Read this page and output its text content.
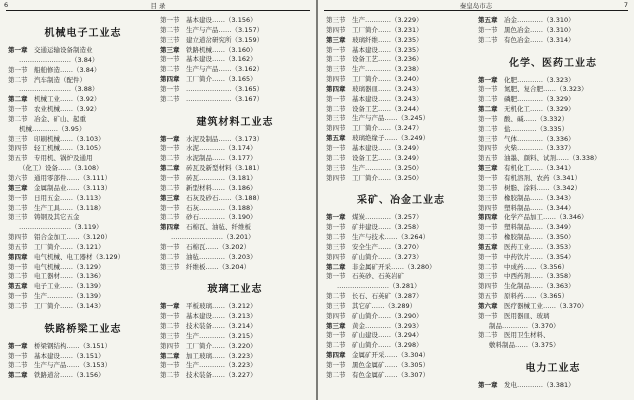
6	目 录
机械电子工业志
第一章 交通运输设备制造业
……………………（3.84）
第一节 船舶修造……（3.84）
第二节 汽车制造（配件）
……………………（3.88）
第二章 机械工业……（3.92）
第一节 农业机械……（3.92）
第二节 冶金、矿山、起重
机械…………（3.95）
第三节 印刷机械……（3.103）
第四节 轻工机械……（3.105）
第五节 专用机、锅炉及通用
（化工）设备……（3.108）
第六节 通用零部件……（3.111）
第三章 金属制品业……（3.113）
第一节 日用五金……（3.113）
第二节 生产工具……（3.118）
第三节 铸钢及其它五金
……………………（3.119）
第四节 铝合金加工……（3.120）
第五节 工厂简介……（3.121）
第四章 电气机械、电工器材（3.129）
第一节 电气机械……（3.129）
第二节 电工器材……（3.136）
第五章 电子工业……（3.139）
第一节 生产…………（3.139）
第二节 工厂简介……（3.143）
铁路桥梁工业志
第一章 桥梁钢结构……（3.151）
第一节 基本建设……（3.151）
第二节 生产与产品……（3.153）
第二章 铁路道岔……（3.156）
第一节 基本建设……（3.156）
第二节 生产与产品……（3.157）
第三节 建立道岔研究所（3.159）
第三章 铁路机械……（3.160）
第一节 基本建设……（3.162）
第二节 生产与产品……（3.162）
第四章 工厂简介……（3.165）
第一节 …………………（3.165）
第二节 …………………（3.167）
建筑材料工业志
第一章 水泥及制品……（3.173）
第一节 水泥…………（3.174）
第二节 水泥制品……（3.177）
第二章 砖瓦及新型材料（3.181）
第一节 砖瓦…………（3.181）
第二节 新型材料……（3.186）
第三章 石灰及砂石……（3.188）
第一节 石灰…………（3.188）
第二节 砂石…………（3.190）
第四章 石棉瓦、油毡、纤维板
……………………（3.201）
第一节 石棉瓦……（3.202）
第二节 油毡…………（3.203）
第三节 纤维板……（3.204）
玻璃工业志
第一章 平板玻璃……（3.212）
第一节 基本建设……（3.213）
第二节 技术装备……（3.214）
第三节 生产…………（3.215）
第四节 工厂简介……（3.220）
第二章 加工玻璃……（3.223）
第一节 生产…………（3.223）
第二节 技术装备……（3.227）
秦皇岛市志	7
第三节 生产…………（3.229）
第四节 工厂简介……（3.231）
第三章 玻璃纤维……（3.235）
第一节 基本建设……（3.235）
第二节 设备工艺……（3.236）
第三节 生产…………（3.238）
第四节 工厂简介……（3.240）
第四章 玻璃器皿……（3.243）
第一节 基本建设……（3.243）
第二节 设备工艺……（3.244）
第三节 生产与产品……（3.245）
第四节 工厂简介……（3.247）
第五章 玻璃绝缘子……（3.249）
第一节 基本建设……（3.249）
第二节 设备工艺……（3.249）
第三节 生产…………（3.250）
第四节 工厂简介……（3.250）
采矿、冶金工业志
第一章 煤炭…………（3.257）
第一节 矿井建设……（3.258）
第二节 生产与技术……（3.264）
第三节 安全生产……（3.270）
第四节 矿山简介……（3.273）
第二章 非金属矿开采……（3.280）
第一节 石英砂、石英岩矿
……………………（3.281）
第二节 长石、石英矿（3.287）
第三节 其它矿……（3.289）
第四节 矿山简介……（3.290）
第三章 黄金…………（3.293）
第一节 矿山建设……（3.294）
第二节 矿山简介……（3.298）
第四章 金属矿开采……（3.304）
第一节 黑色金属矿……（3.305）
第二节 有色金属矿……（3.307）
第五章 冶金…………（3.310）
第一节 黑色冶金……（3.310）
第二节 有色冶金……（3.314）
化学、医药工业志
第一章 化肥…………（3.323）
第一节 氮肥、复合肥……（3.323）
第二节 磷肥…………（3.329）
第二章 无机化工……（3.329）
第一节 酸、碱……（3.332）
第二节 盐…………（3.335）
第三节 气体…………（3.336）
第四节 火柴…………（3.337）
第五节 油墨、颜料、试剂……（3.338）
第三章 有机化工……（3.341）
第一节 有机溶剂、农药（3.341）
第二节 树脂、涂料……（3.342）
第三节 橡胶制品……（3.343）
第四节 塑料制品……（3.344）
第四章 化学产品加工……（3.346）
第一节 塑料制品……（3.349）
第二节 橡胶制品……（3.350）
第五章 医药工业……（3.353）
第一节 中药饮片……（3.354）
第二节 中成药……（3.356）
第三节 中西药剂……（3.358）
第四节 生化制品……（3.363）
第五节 原料药……（3.365）
第六章 医疗器械工业……（3.370）
第一节 医用器皿、玻璃
制品…………（3.370）
第二节 医用卫生材料、
敷料制品……（3.375）
电力工业志
第一章 发电…………（3.381）
